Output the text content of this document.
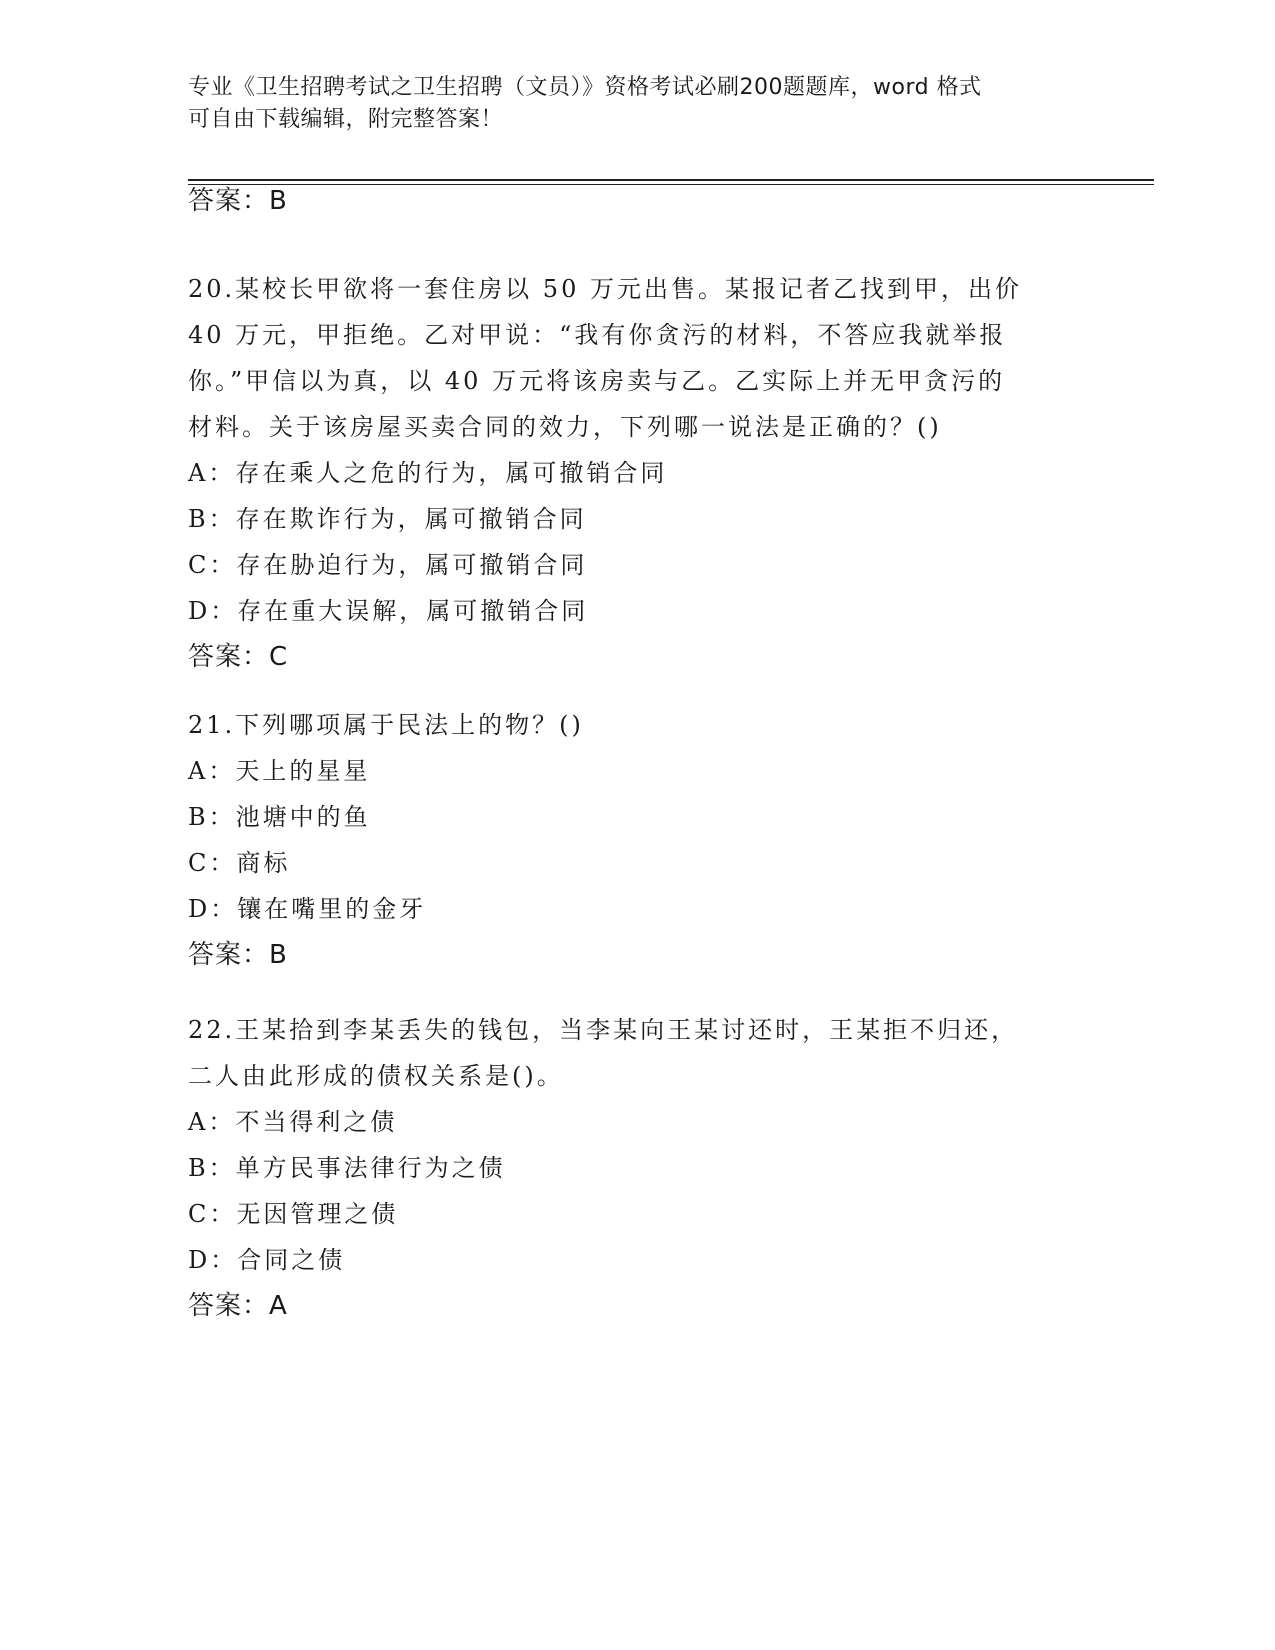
专业《卫生招聘考试之卫生招聘（文员）》资格考试必刷200题题库，word 格式
可自由下载编辑，附完整答案！
答案：B
20.某校长甲欲将一套住房以 50 万元出售。某报记者乙找到甲，出价
40 万元，甲拒绝。乙对甲说：“我有你贪污的材料，不答应我就举报
你。”甲信以为真，以 40 万元将该房卖与乙。乙实际上并无甲贪污的
材料。关于该房屋买卖合同的效力，下列哪一说法是正确的？()
A：存在乘人之危的行为，属可撤销合同
B：存在欺诈行为，属可撤销合同
C：存在胁迫行为，属可撤销合同
D：存在重大误解，属可撤销合同
答案：C
21.下列哪项属于民法上的物？()
A：天上的星星
B：池塘中的鱼
C：商标
D：镶在嘴里的金牙
答案：B
22.王某拾到李某丢失的钱包，当李某向王某讨还时，王某拒不归还，
二人由此形成的债权关系是()。
A：不当得利之债
B：单方民事法律行为之债
C：无因管理之债
D：合同之债
答案：A
